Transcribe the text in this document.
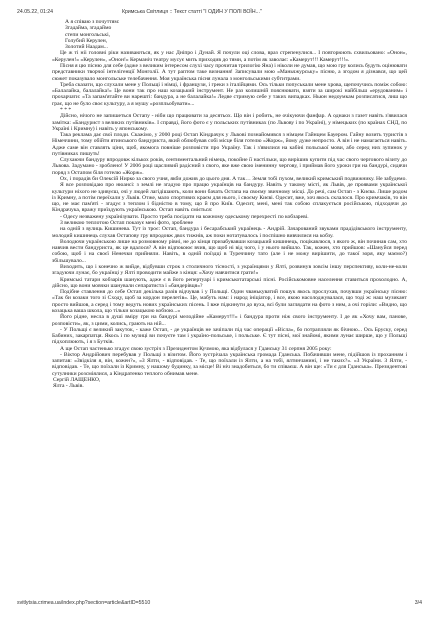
24.05.22, 01:24	Кримська Світлиця :: Текст статті "І ОДИН У ПОЛІ ВОЇН..."

А я співаю з почуттям:

Згадайма, згадаймо

степи монгольські,

Голубий Керулен,

Золотий Наадам...

Це ж ті ніі головні ріки називаються, як у нас Дніпро і Дунай. Я почули оці слова, враз стрепенулися... І повторюють схвильовано: «Онон», «Керулен!» «Керулен», «Онон!» Керманіч театру мусує мить приходив до тями, а потім як заволає: «Камерут!!! Камерут!!!».

Пісня я цю пісню для себе (адже з великим інтересом слухі часу прочитав трилогію Яна) і ніколи не думав, що мою гру колись будуть оцінювати представники творчої інтелігенції Монголії. А тут раптом таке визнання! Записували мою «Маньчжурську» пісню, а згодом я дізнався, що цей сюжет показувало монгольське телебачення. Моя українська пісня лунала з монгольськими субтитрами.

Треба сказати, що слухали мене у Польщі і німці, і французи, і греки з італійцями. Ось тільки попуськали мене хрова, щепочучись поміж собою: «Балалайка, балалайка!» Це вони так про наш козацький інструмент. Не раз колишній пояснювати, взяти за широкі найбільш «ерудованим» і прохарчати: «Та запам'ятайте ви нарешті: бандура, а не балалайка!» Ледве стримую себе у таких випадках. Ньюн недоумкам розписатися, лиш що грає, що не було своє культуру, а я мушу «розпльобувати»...

* * *

Дійсно, нічого не запишеться Остапу - ніби що працювати за десятьох. Що він і робить, не очікуючи фанфар. А однаки з газет навіть з'явилася замітка: «Бандурист з великих путівників». І справді, його фото є у польських путівниках (по Львову і по Україні), у німецьких (по країнах СНД, по Україні і Кримну) і навіть у японському.

Така реклама дає свої плоди. Скажімо, у 2000 році Остап Кіндрачук у Львові познайомився з німцем Гайнцем Бауером. Гайну возить туристів з Німеччини, тому обійти ятинського бандуриста, який облюбував собі місце біля готелю «Жорж», йому дуже непросто. А він і не намагається навіть. Адже саме він ставлять ціни, щоб, якомога повніше розповісти про Україну. Так і з'явилися на кабіні польської мови, або серед них зупинок у путівниках пишуть!

Слухаючи бандуру впродовж кількох років, сентиментальний німець, покойне її настільки, що вирішив купити під час свого чергового візиту до Львова. Задумано - зроблено! У 2006 році щасливий радісний з свого, яке вже свою іменинну чергову, і приймав його уроки гри на бандурі, сидячи поряд з Остапом біля готелю «Жорж».

Ох, і порадів би Олексій Нирко за свого учня, якби дожив до цього дня. А так… Земля тобі пухом, великий кримський подвижнику. Не забудемо.

Я все розповідаю про нюансі: з землі не згадую про працю українців на бандуру. Навіть у такому місті, як Львів, де проявами української культури ніхого не здивуєш, очі у людей лагідішають, коли вони бачать Остапа на своєму звичному місці. До речі, сам Остап - з Києва. Лише родом із Кримну, а потім переїхали у Львів. Отже, мало спортивих краєм для нього, і своєму Києві. Одесит, вже, хоч якось склалося. Про кримчаків, то він що, не має пам'яті - згадує з теплом і бідністю в тому, що й про Київ. Одесит, мені, мені так собою сплакується російською, підходячи до Кіндрачука, вражу приїздують українською. Остап навіть сміється:

- Одесу незважену українізувати. Просто треба посідати на кожному одеському перехресті по кобзареві.

З великою теплотою Остап показує мені фото, зроблене

на одній з вулиць Кишинева. Тут із троє: Остап, бандура і бесарабський українець - Андрій. Зачарований звуками прадідівського інструменту, молодий кишинець слухав Остапову гру впродовж двох тижнів, аж поки нотатувалось і поспішно вивчилися на кобзу.

Володючи українською лише на розмовному рівні, не до кінця призабувавши козацький кишинець, поцікавлюся, з якого ж, він починав сам, хто навчив вести бандуриста, як це вдалося? А він відпокоює вчив, що щоб ні від чого, і у нього вийшло. Так, кожен, хто прийшов: «Шануйся перед собою, щоб і на своєї Ненечки прийняли. Навіть, в одній поїздці в Туреччину тато (але і не можу вирішити, до такої зоря, яку маємо?) збільшувало...

Виходить, що і конечно ж вийде, відбувши строк з столичного тісності, з українцями у Ялті, розвинув зовсім іншу перспективу, коли-не-коли згадуючи лунає, бо українці у Ялті проводити майже з кінця: «Хочу навчитися грати!»

Кримські татари кобзарів шанують, адже є в його репертуарі і кримськотатарські пісні. Російськомовне населення ставиться прохолодно. А, дійсно, що вони мовчки шанували сепаратиста і «бандерівця»?

Подібне ставлення до себе Остап декілька разів відчував і у Польщі. Один чванькуватий пошук якось прослухав, почувши українську пісню: «Так би козаки того зі Сходу, щоб за кордон перелетів». Це, мабуть нам: і народ ініціатор, і все, якою насолоджувалася, що тоді ж: наш музикант просто вийшов, а серед і тому ведуть нових українських пісень. І вже підкинути до вуха, всі були заглядати на фото з ним, а очі горіли: «Видно, що козацька ваша школа, що тільки козацькою кобзою...»

Його рідне, несла в душі вміру гри на бандурі мелодійне «Камерут!!!» і бандура проти ніж свого інструменту. І де як «Хочу вам, панове, розповісти», як, з цими, колись, грають на ній...

- У Польщі є великий закуток, - каже Остап, - де українців не зачіпали під час операції «Вісла», бо потрапляли як бічною... Ось Бруску, серед Бабиних, закарпатця. Якось і по музиці ви почуєте там і україно-польське, і польське. Є тут пісні, мої знайомі, якими лунає ширше, що у Польщі підхоплюють, і я з Бутків.

А ще Остап частенько згадує свою зустріч з Президентом Кучмою, яка відбулася у Гданську 31 серпня 2005 року:

- Віктор Андрійович перебував у Польщі з візитом. Його зустрічала українська громада Гданська. Побачивши мене, підійшов із проханням і запитав: «Звідкіля я, він, кожен?», «З Ялти, - відповідав. - Те, що поїхали із Ялти, а на тобі, ялтинчанині, і не таких?». «З України. З Ялти, - відповідав. - Те, що поїхали із Кримну, у нашому будинку, за місце! Ві ніч знадобиться, бо ти співаєш. А він ще: «Ти є для Гданська». Президентові сутулники розсміялися, а Кіндратенко теплого обнимав мене.

Сергій ЛАЩЕНКО,

Ялта - Львів.

svitlytsia.crimea.ua/index.php?section=article&artID=5510	3/4
